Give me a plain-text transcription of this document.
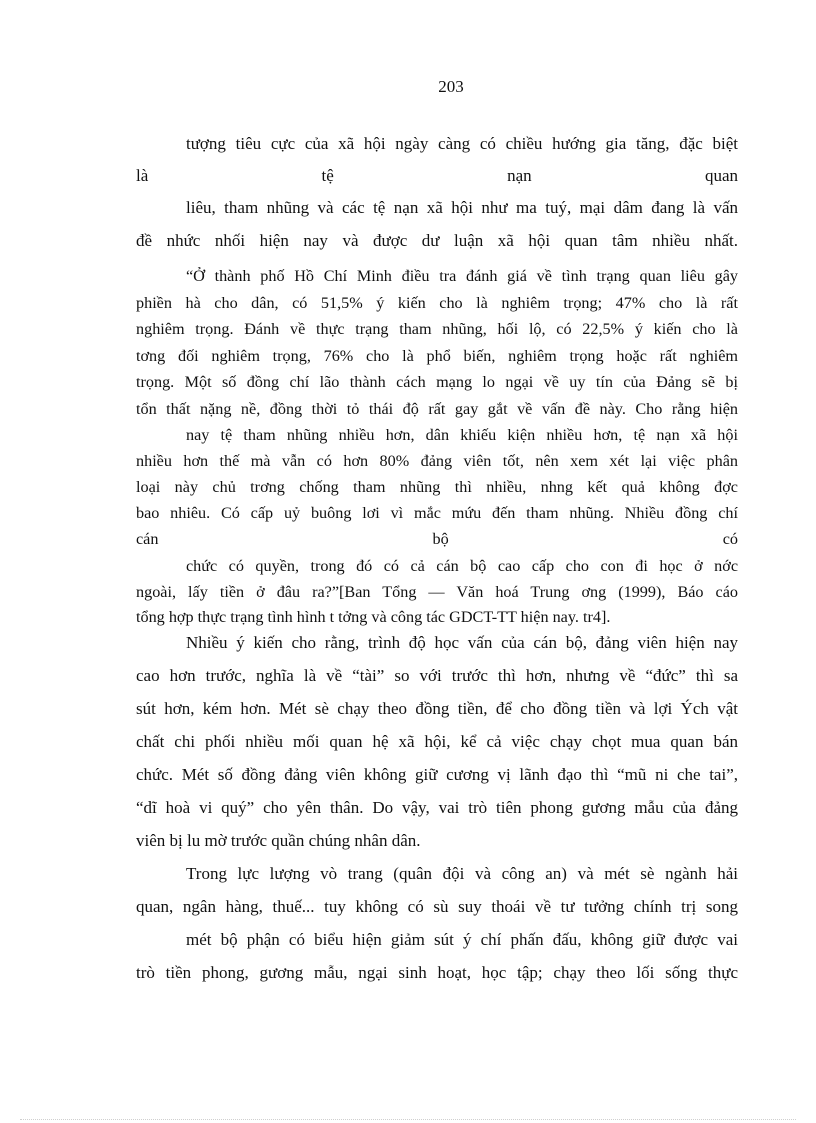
203
tượng tiêu cực của xã hội ngày càng có chiều hướng gia tăng, đặc biệt
là tệ nạn quan
liêu, tham nhũng và các tệ nạn xã hội như ma tuý, mại dâm đang là vấn
đề nhức nhối hiện nay và được dư luận xã hội quan tâm nhiều nhất.
“Ở thành phố Hồ Chí Minh điều tra đánh giá về tình trạng quan liêu gây
phiền hà cho dân, có 51,5% ý kiến cho là nghiêm trọng; 47% cho là rất
nghiêm trọng. Đánh về thực trạng tham nhũng, hối lộ, có 22,5% ý kiến cho là
tơng đối nghiêm trọng, 76% cho là phổ biến, nghiêm trọng hoặc rất nghiêm
trọng. Một số đồng chí lão thành cách mạng lo ngại về uy tín của Đảng sẽ bị
tổn thất nặng nề, đồng thời tỏ thái độ rất gay gắt về vấn đề này. Cho rằng hiện
nay tệ tham nhũng nhiều hơn, dân khiếu kiện nhiều hơn, tệ nạn xã hội
nhiều hơn thế mà vẫn có hơn 80% đảng viên tốt, nên xem xét lại việc phân
loại này chủ trơng chống tham nhũng thì nhiều, nhng kết quả không đợc
bao nhiêu. Có cấp uỷ buông lơi vì mắc mứu đến tham nhũng. Nhiều đồng chí
cán bộ có
chức có quyền, trong đó có cả cán bộ cao cấp cho con đi học ở nớc
ngoài, lấy tiền ở đâu ra?”[Ban Tổng — Văn hoá Trung ơng (1999), Báo cáo
tổng hợp thực trạng tình hình t tởng và công tác GDCT-TT hiện nay. tr4].
Nhiều ý kiến cho rằng, trình độ học vấn của cán bộ, đảng viên hiện nay
cao hơn trước, nghĩa là về “tài” so với trước thì hơn, nhưng về “đức” thì sa
sút hơn, kém hơn. Mét sè chạy theo đồng tiền, để cho đồng tiền và lợi Ých vật
chất chi phối nhiều mối quan hệ xã hội, kể cả việc chạy chọt mua quan bán
chức. Mét số đồng đảng viên không giữ cương vị lãnh đạo thì “mũ ni che tai”,
“dĩ hoà vi quý” cho yên thân. Do vậy, vai trò tiên phong gương mẫu của đảng
viên bị lu mờ trước quần chúng nhân dân.
Trong lực lượng vò trang (quân đội và công an) và mét sè ngành hải
quan, ngân hàng, thuế... tuy không có sù suy thoái về tư tưởng chính trị song
mét bộ phận có biểu hiện giảm sút ý chí phấn đấu, không giữ được vai
trò tiền phong, gương mẫu, ngại sinh hoạt, học tập; chạy theo lối sống thực
